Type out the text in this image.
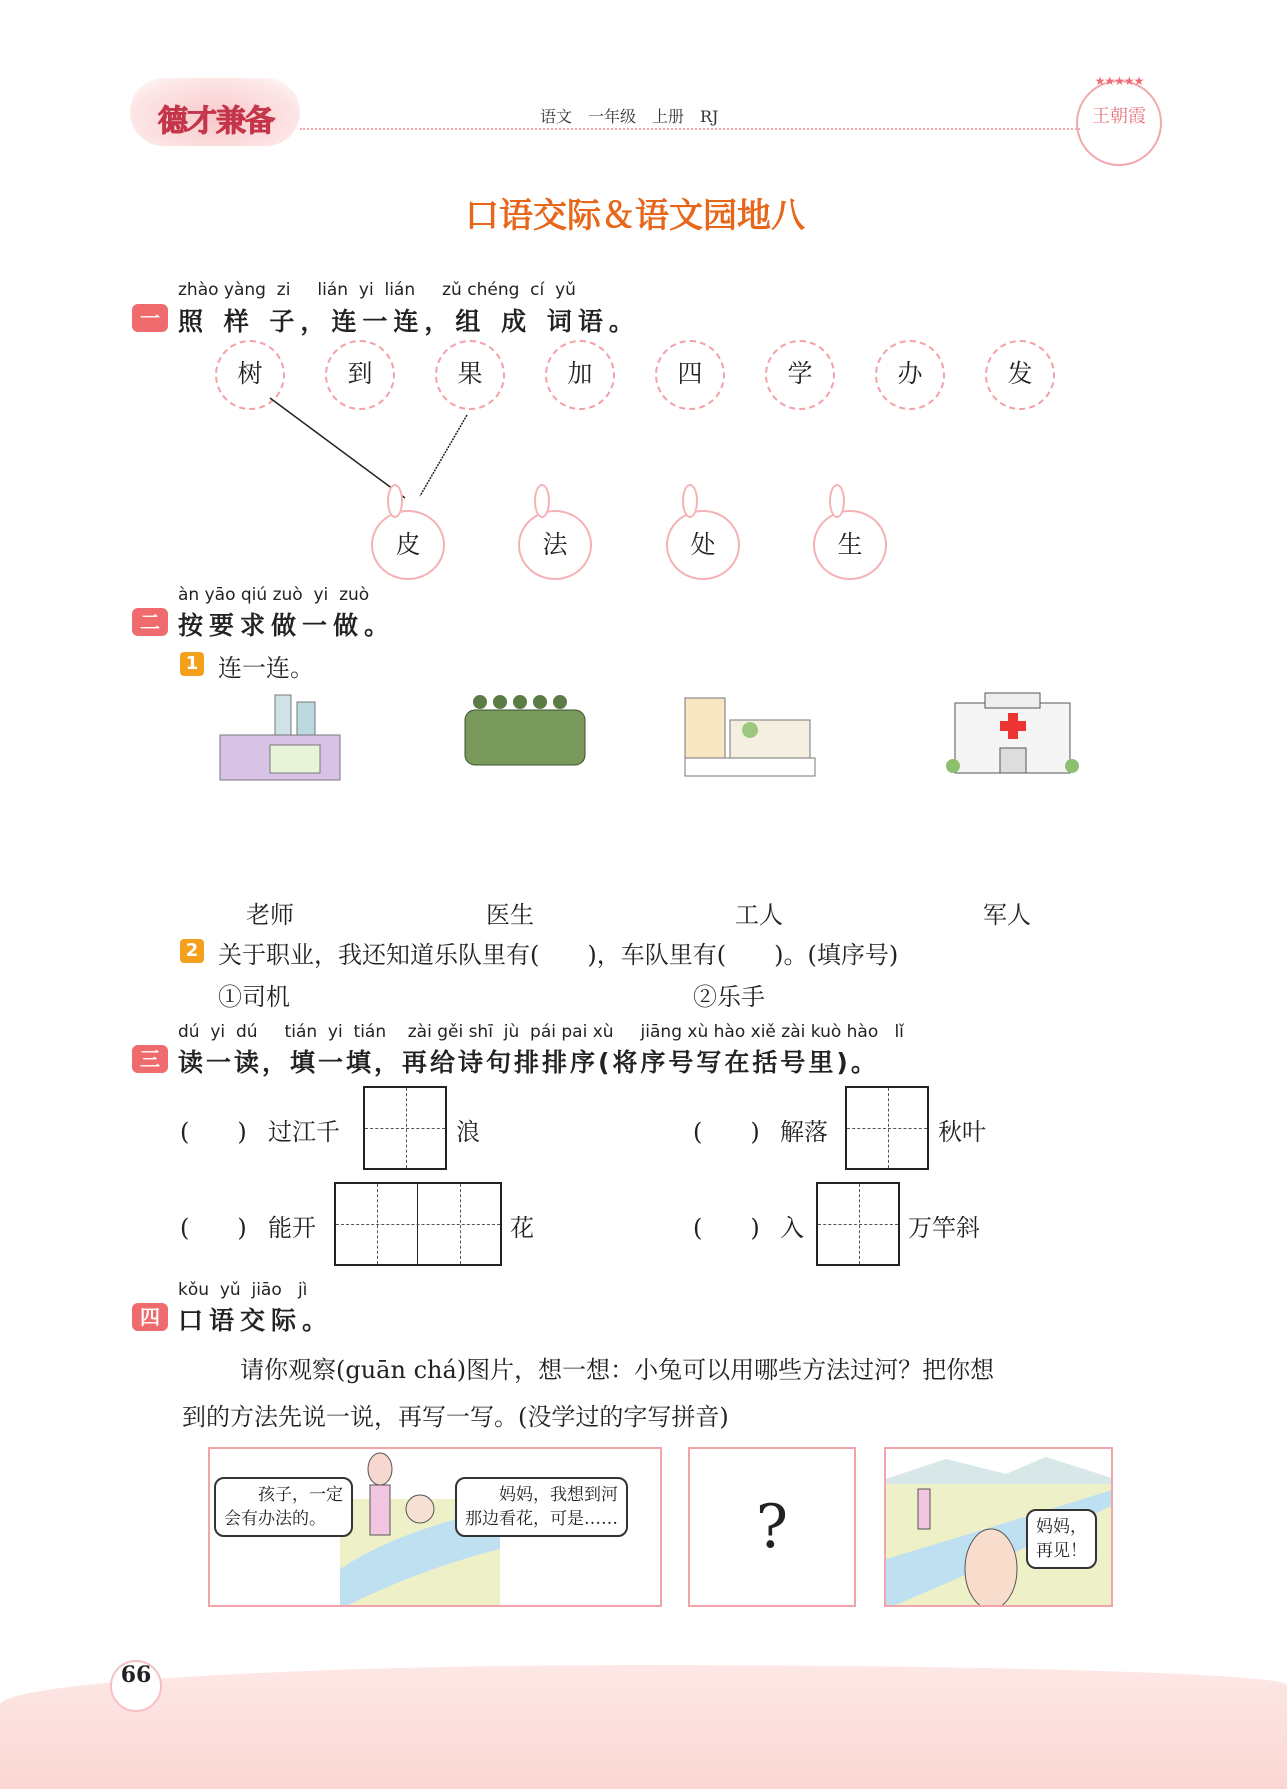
德才兼备	语文　一年级　上册　RJ
★★★★★
王朝霞
口语交际＆语文园地八
zhào yàng  zi     lián  yi  lián     zǔ chéng  cí  yǔ
一 照 样 子，连一连，组 成 词语。
树	到	果	加	四	学	办	发
皮	法	处	生
àn yāo qiú zuò  yi  zuò
二 按要求做一做。
1 连一连。
老师	医生	工人	军人
2 关于职业，我还知道乐队里有(　　)，车队里有(　　)。(填序号)
①司机	②乐手
dú  yi  dú     tián  yi  tián    zài gěi shī  jù  pái pai xù     jiāng xù hào xiě zài kuò hào   lǐ
三 读一读，填一填，再给诗句排排序(将序号写在括号里)。
(　　) 过江千	浪	(　　) 解落	秋叶
(　　) 能开	花	(　　) 入	万竿斜
kǒu  yǔ  jiāo   jì
四 口语交际。
请你观察(guān chá)图片，想一想：小兔可以用哪些方法过河？把你想
到的方法先说一说，再写一写。(没学过的字写拼音)
　　孩子，一定
会有办法的。
　　妈妈，我想到河
那边看花，可是……	?	妈妈，
再见！
66
